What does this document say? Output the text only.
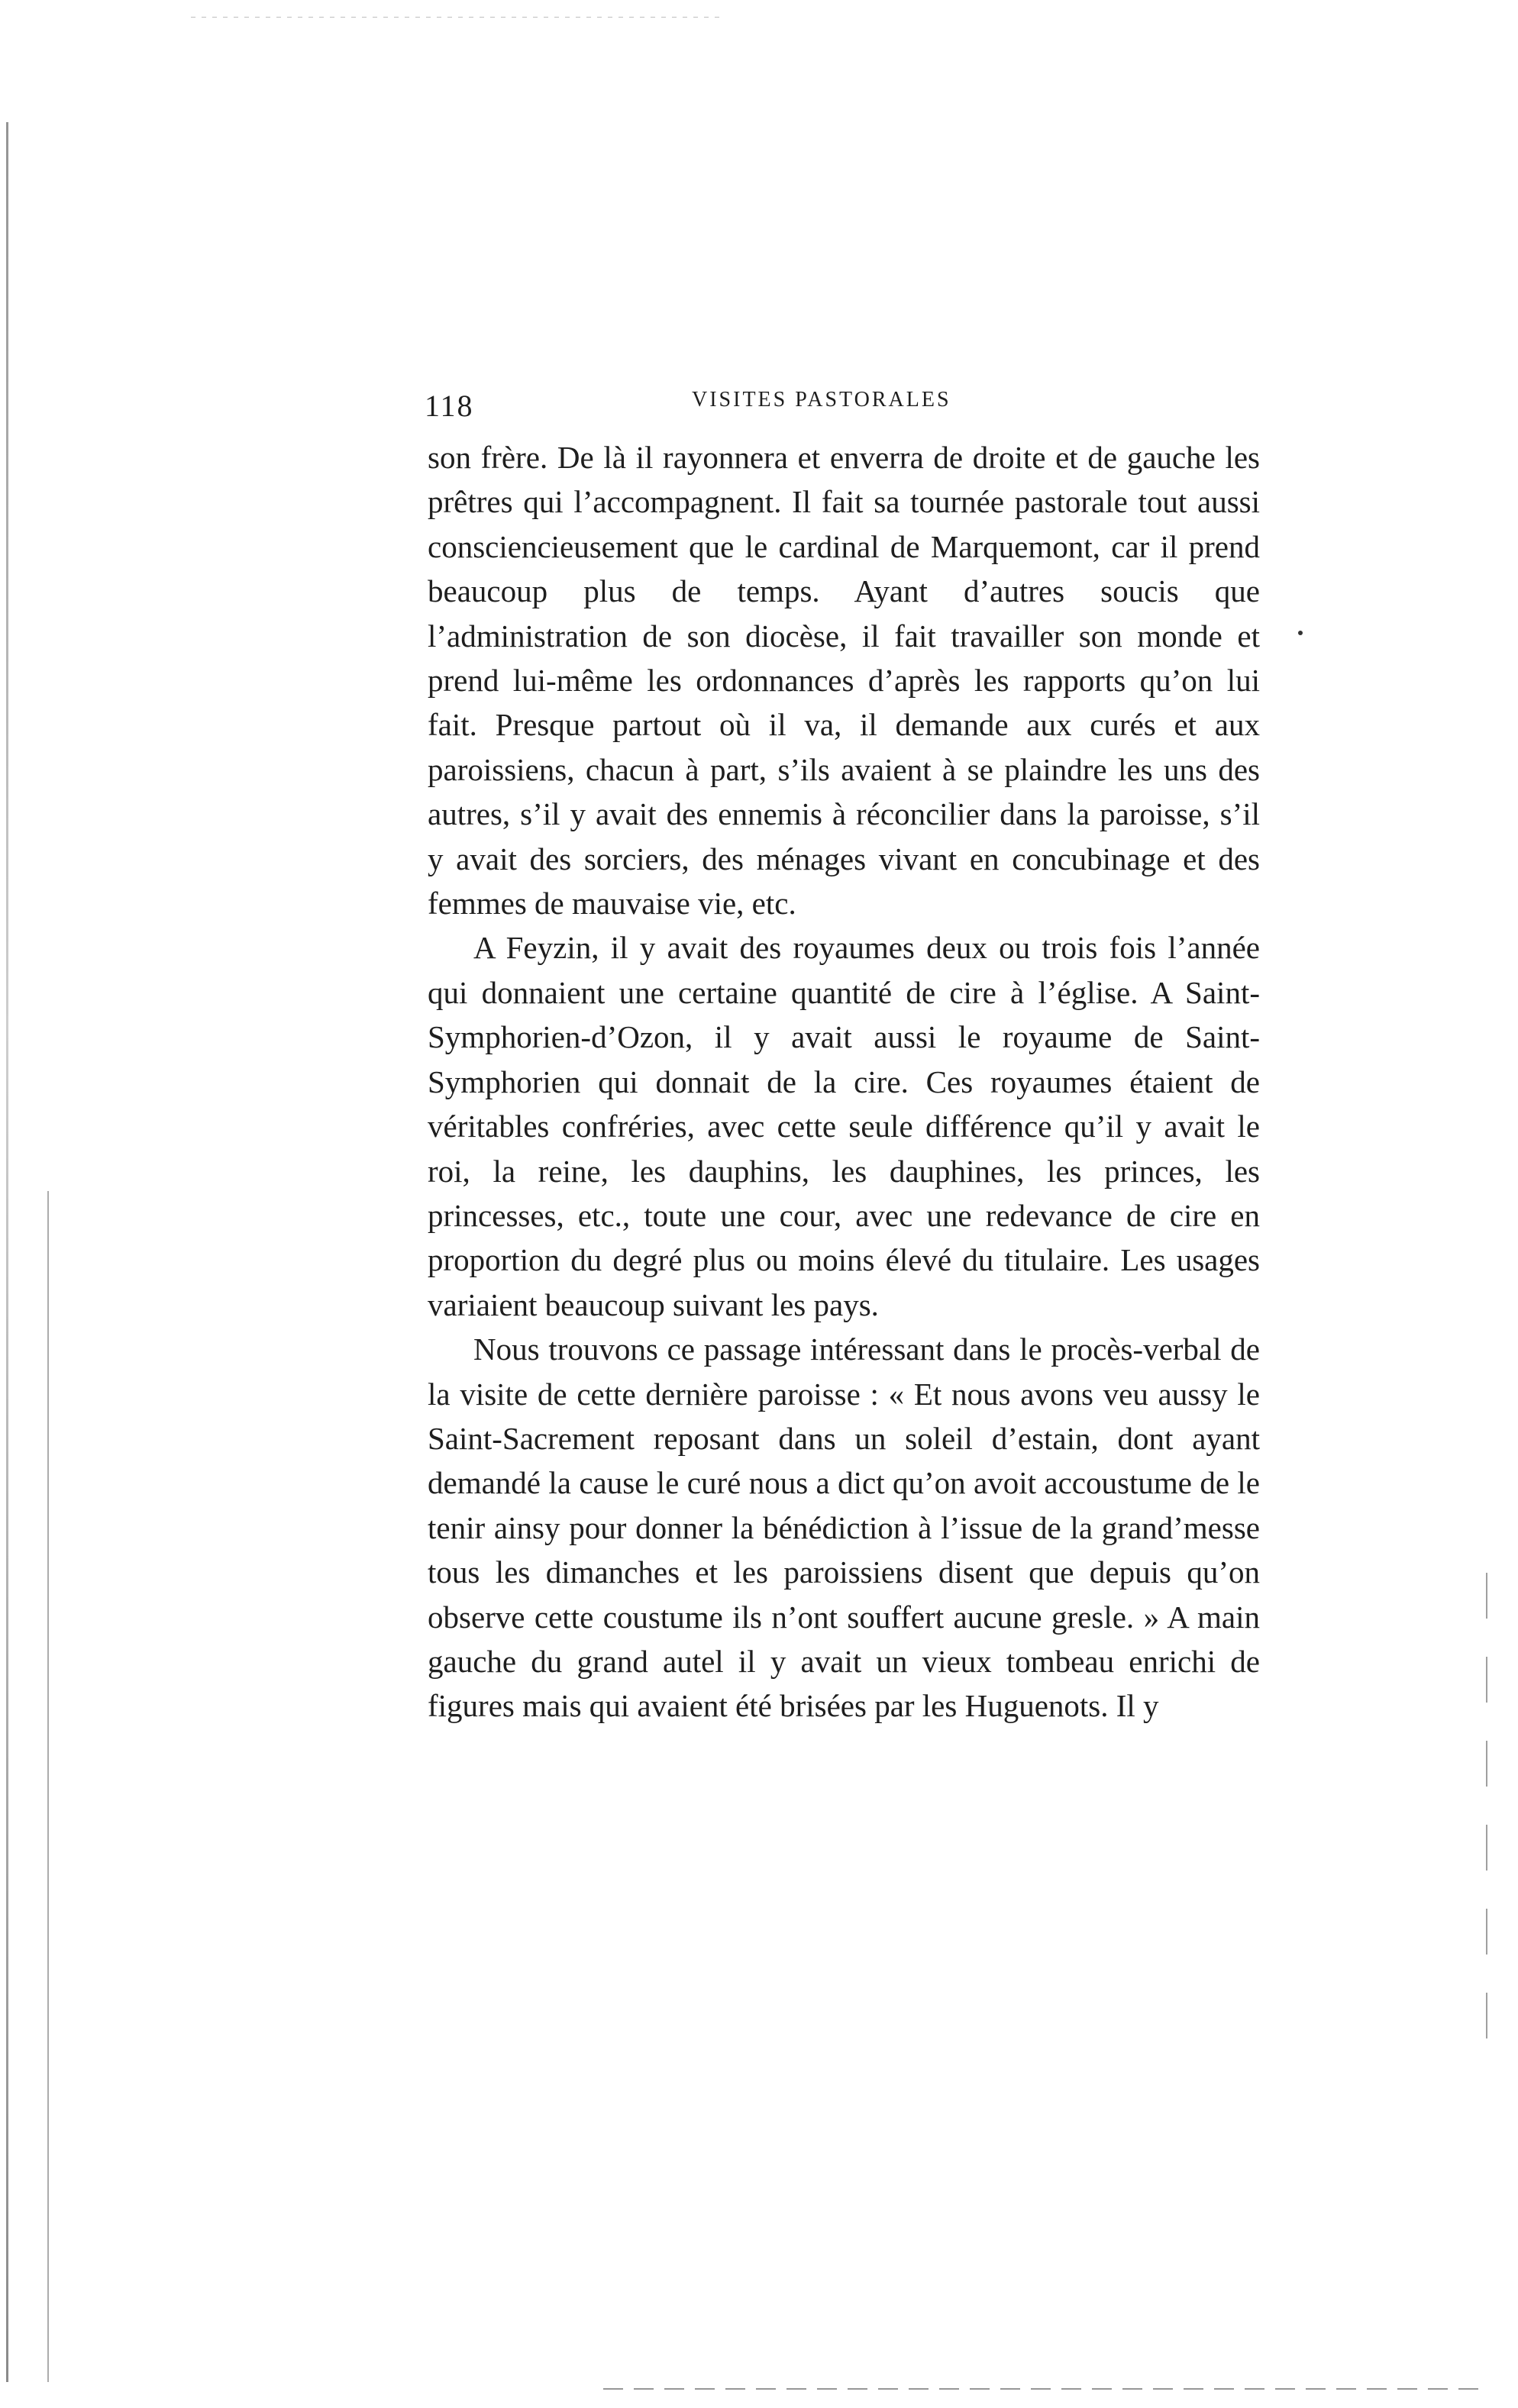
118	VISITES PASTORALES

son frère. De là il rayonnera et enverra de droite et de gauche les prêtres qui l’accompagnent. Il fait sa tournée pastorale tout aussi consciencieusement que le cardinal de Marquemont, car il prend beaucoup plus de temps. Ayant d’autres soucis que l’administration de son diocèse, il fait travailler son monde et prend lui-même les ordonnances d’après les rapports qu’on lui fait. Presque partout où il va, il demande aux curés et aux paroissiens, chacun à part, s’ils avaient à se plaindre les uns des autres, s’il y avait des ennemis à réconcilier dans la paroisse, s’il y avait des sorciers, des ménages vivant en concubinage et des femmes de mauvaise vie, etc.

A Feyzin, il y avait des royaumes deux ou trois fois l’année qui donnaient une certaine quantité de cire à l’église. A Saint-Symphorien-d’Ozon, il y avait aussi le royaume de Saint-Symphorien qui donnait de la cire. Ces royaumes étaient de véritables confréries, avec cette seule différence qu’il y avait le roi, la reine, les dauphins, les dauphines, les princes, les princesses, etc., toute une cour, avec une redevance de cire en proportion du degré plus ou moins élevé du titulaire. Les usages variaient beaucoup suivant les pays.

Nous trouvons ce passage intéressant dans le procès-verbal de la visite de cette dernière paroisse : « Et nous avons veu aussy le Saint-Sacrement reposant dans un soleil d’estain, dont ayant demandé la cause le curé nous a dict qu’on avoit accoustume de le tenir ainsy pour donner la bénédiction à l’issue de la grand’messe tous les dimanches et les paroissiens disent que depuis qu’on observe cette coustume ils n’ont souffert aucune gresle. » A main gauche du grand autel il y avait un vieux tombeau enrichi de figures mais qui avaient été brisées par les Huguenots. Il y
